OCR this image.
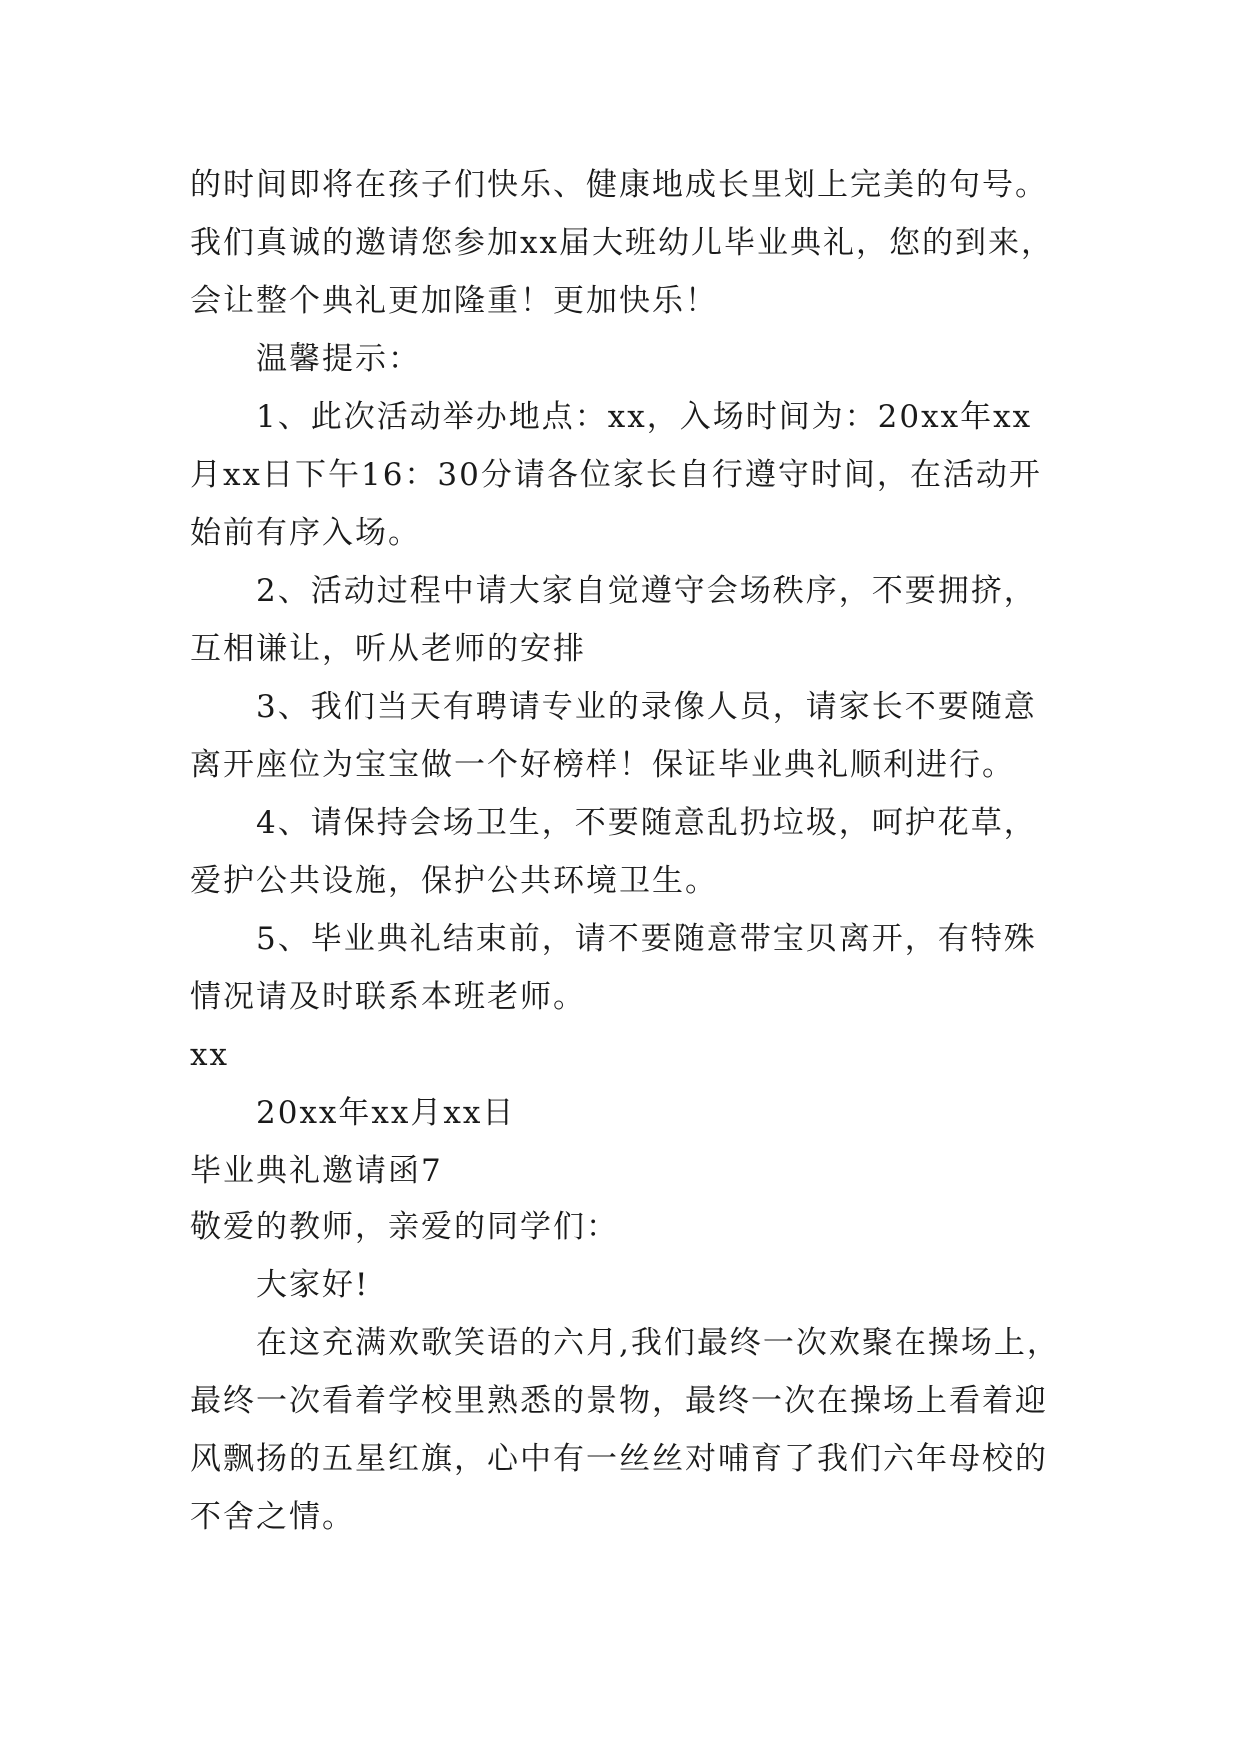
的时间即将在孩子们快乐、健康地成长里划上完美的句号。
我们真诚的邀请您参加xx届大班幼儿毕业典礼，您的到来，
会让整个典礼更加隆重！更加快乐！
温馨提示：
1、此次活动举办地点：xx，入场时间为：20xx年xx
月xx日下午16：30分请各位家长自行遵守时间，在活动开
始前有序入场。
2、活动过程中请大家自觉遵守会场秩序，不要拥挤，
互相谦让，听从老师的安排
3、我们当天有聘请专业的录像人员，请家长不要随意
离开座位为宝宝做一个好榜样！保证毕业典礼顺利进行。
4、请保持会场卫生，不要随意乱扔垃圾，呵护花草，
爱护公共设施，保护公共环境卫生。
5、毕业典礼结束前，请不要随意带宝贝离开，有特殊
情况请及时联系本班老师。
xx
20xx年xx月xx日
毕业典礼邀请函7
敬爱的教师，亲爱的同学们：
大家好!
在这充满欢歌笑语的六月,我们最终一次欢聚在操场上，
最终一次看着学校里熟悉的景物，最终一次在操场上看着迎
风飘扬的五星红旗，心中有一丝丝对哺育了我们六年母校的
不舍之情。
